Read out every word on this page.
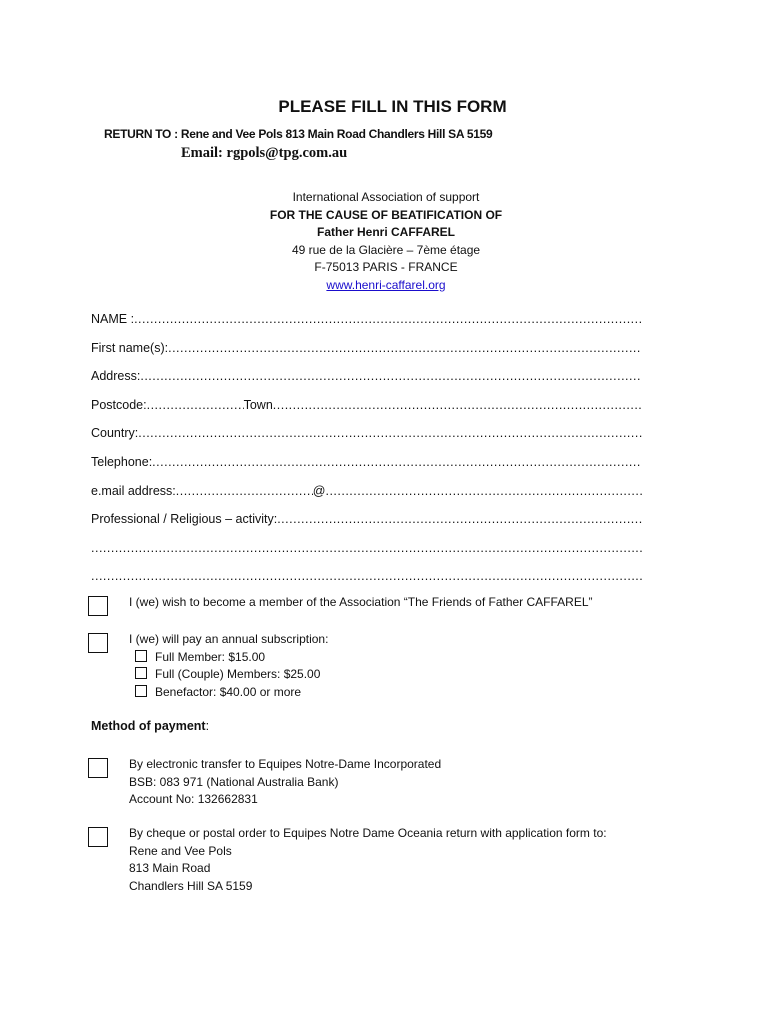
PLEASE FILL IN THIS FORM
RETURN TO : Rene and Vee Pols 813 Main Road Chandlers Hill SA 5159
Email: rgpols@tpg.com.au
International Association of support
FOR THE CAUSE OF BEATIFICATION OF
Father Henri CAFFAREL
49 rue de la Glacière – 7ème étage
F-75013 PARIS - FRANCE
www.henri-caffarel.org
NAME :
.....
First name(s):
.....
Address:
.....
Postcode: .....	Town
.....
Country:
.....
Telephone:
.....
e.mail address: .....	@
.....
Professional / Religious – activity:
.....
.....
.....
I (we) wish to become a member of the Association “The Friends of Father CAFFAREL”
I (we) will pay an annual subscription:
Full Member: $15.00
Full (Couple) Members: $25.00
Benefactor: $40.00 or more
Method of payment:
By electronic transfer to Equipes Notre-Dame Incorporated
BSB: 083 971 (National Australia Bank)
Account No: 132662831
By cheque or postal order to Equipes Notre Dame Oceania return with application form to:
Rene and Vee Pols
813 Main Road
Chandlers Hill SA 5159
